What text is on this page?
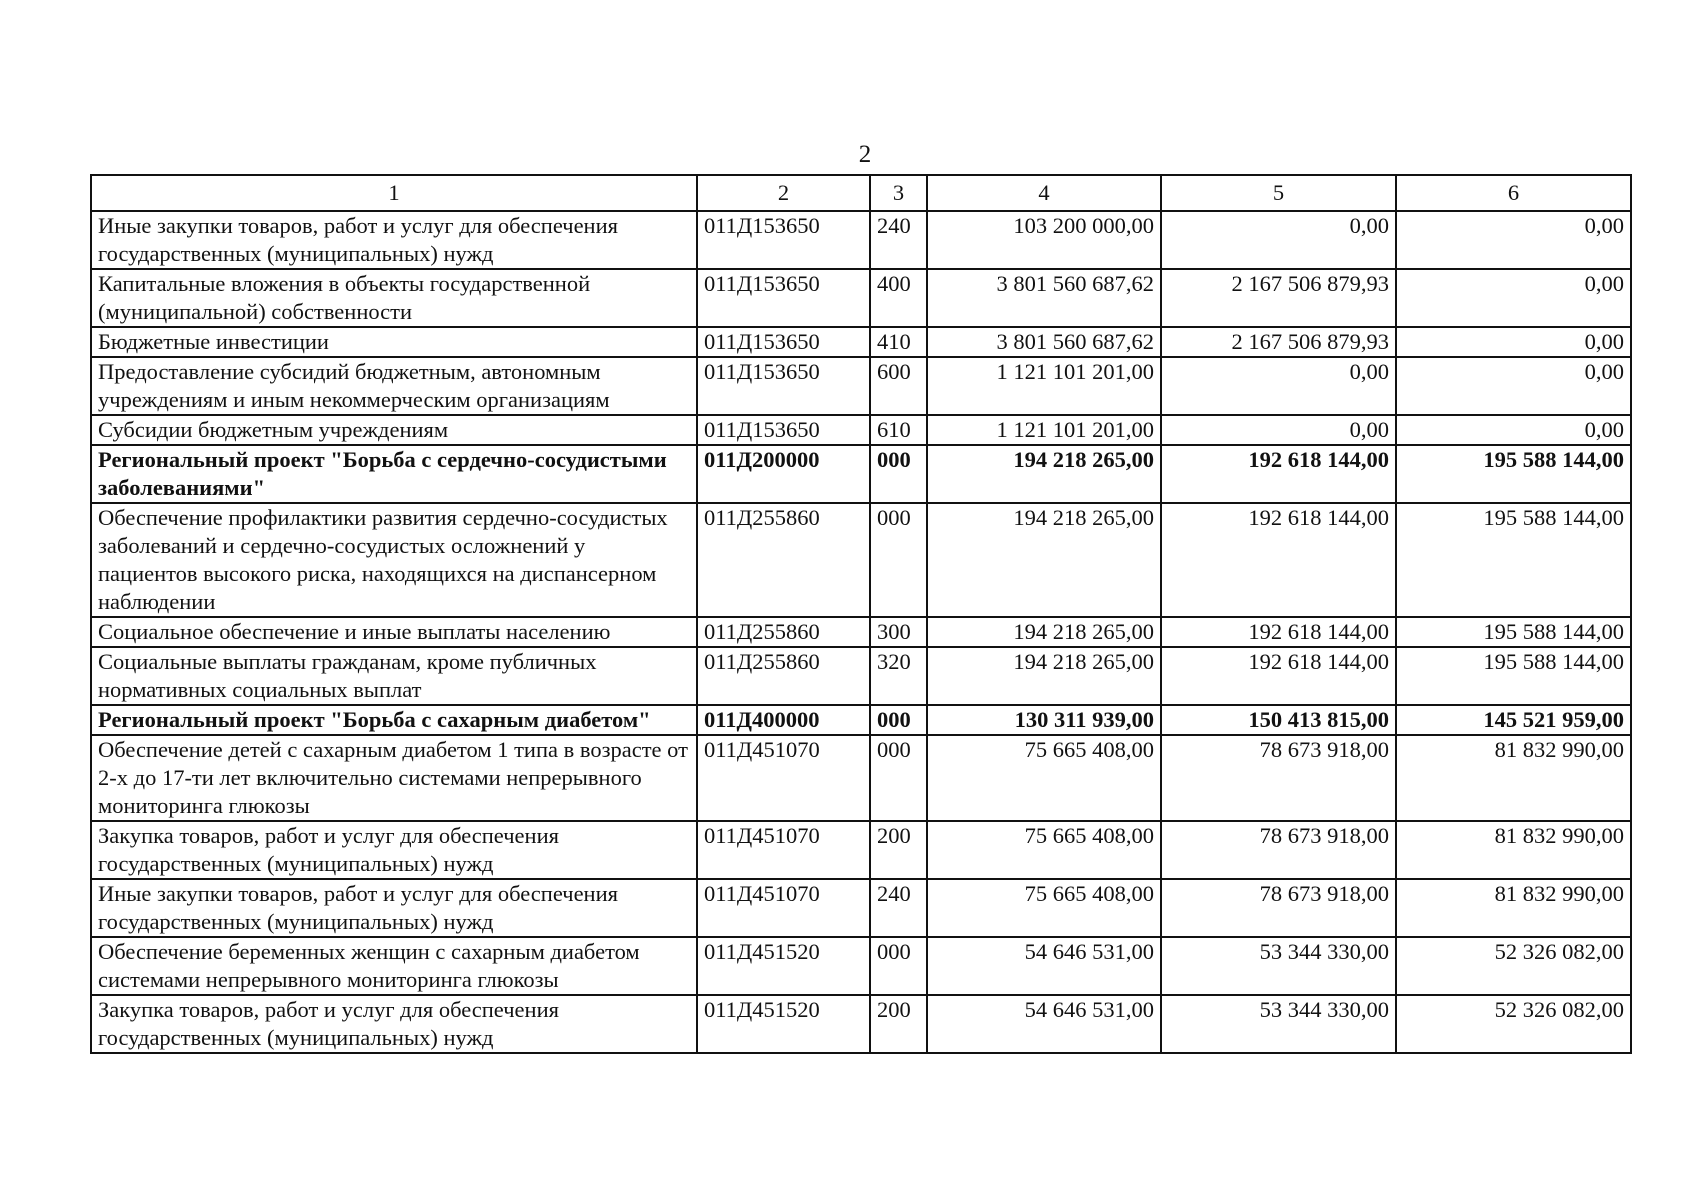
2
1	2	3	4	5	6
Иные закупки товаров, работ и услуг для обеспечения государственных (муниципальных) нужд	011Д153650	240	103 200 000,00	0,00	0,00
Капитальные вложения в объекты государственной (муниципальной) собственности	011Д153650	400	3 801 560 687,62	2 167 506 879,93	0,00
Бюджетные инвестиции	011Д153650	410	3 801 560 687,62	2 167 506 879,93	0,00
Предоставление субсидий бюджетным, автономным учреждениям и иным некоммерческим организациям	011Д153650	600	1 121 101 201,00	0,00	0,00
Субсидии бюджетным учреждениям	011Д153650	610	1 121 101 201,00	0,00	0,00
Региональный проект "Борьба с сердечно-сосудистыми заболеваниями"	011Д200000	000	194 218 265,00	192 618 144,00	195 588 144,00
Обеспечение профилактики развития сердечно-сосудистых заболеваний и сердечно-сосудистых осложнений у пациентов высокого риска, находящихся на диспансерном наблюдении	011Д255860	000	194 218 265,00	192 618 144,00	195 588 144,00
Социальное обеспечение и иные выплаты населению	011Д255860	300	194 218 265,00	192 618 144,00	195 588 144,00
Социальные выплаты гражданам, кроме публичных нормативных социальных выплат	011Д255860	320	194 218 265,00	192 618 144,00	195 588 144,00
Региональный проект "Борьба с сахарным диабетом"	011Д400000	000	130 311 939,00	150 413 815,00	145 521 959,00
Обеспечение детей с сахарным диабетом 1 типа в возрасте от 2-х до 17-ти лет включительно системами непрерывного мониторинга глюкозы	011Д451070	000	75 665 408,00	78 673 918,00	81 832 990,00
Закупка товаров, работ и услуг для обеспечения государственных (муниципальных) нужд	011Д451070	200	75 665 408,00	78 673 918,00	81 832 990,00
Иные закупки товаров, работ и услуг для обеспечения государственных (муниципальных) нужд	011Д451070	240	75 665 408,00	78 673 918,00	81 832 990,00
Обеспечение беременных женщин с сахарным диабетом системами непрерывного мониторинга глюкозы	011Д451520	000	54 646 531,00	53 344 330,00	52 326 082,00
Закупка товаров, работ и услуг для обеспечения государственных (муниципальных) нужд	011Д451520	200	54 646 531,00	53 344 330,00	52 326 082,00
